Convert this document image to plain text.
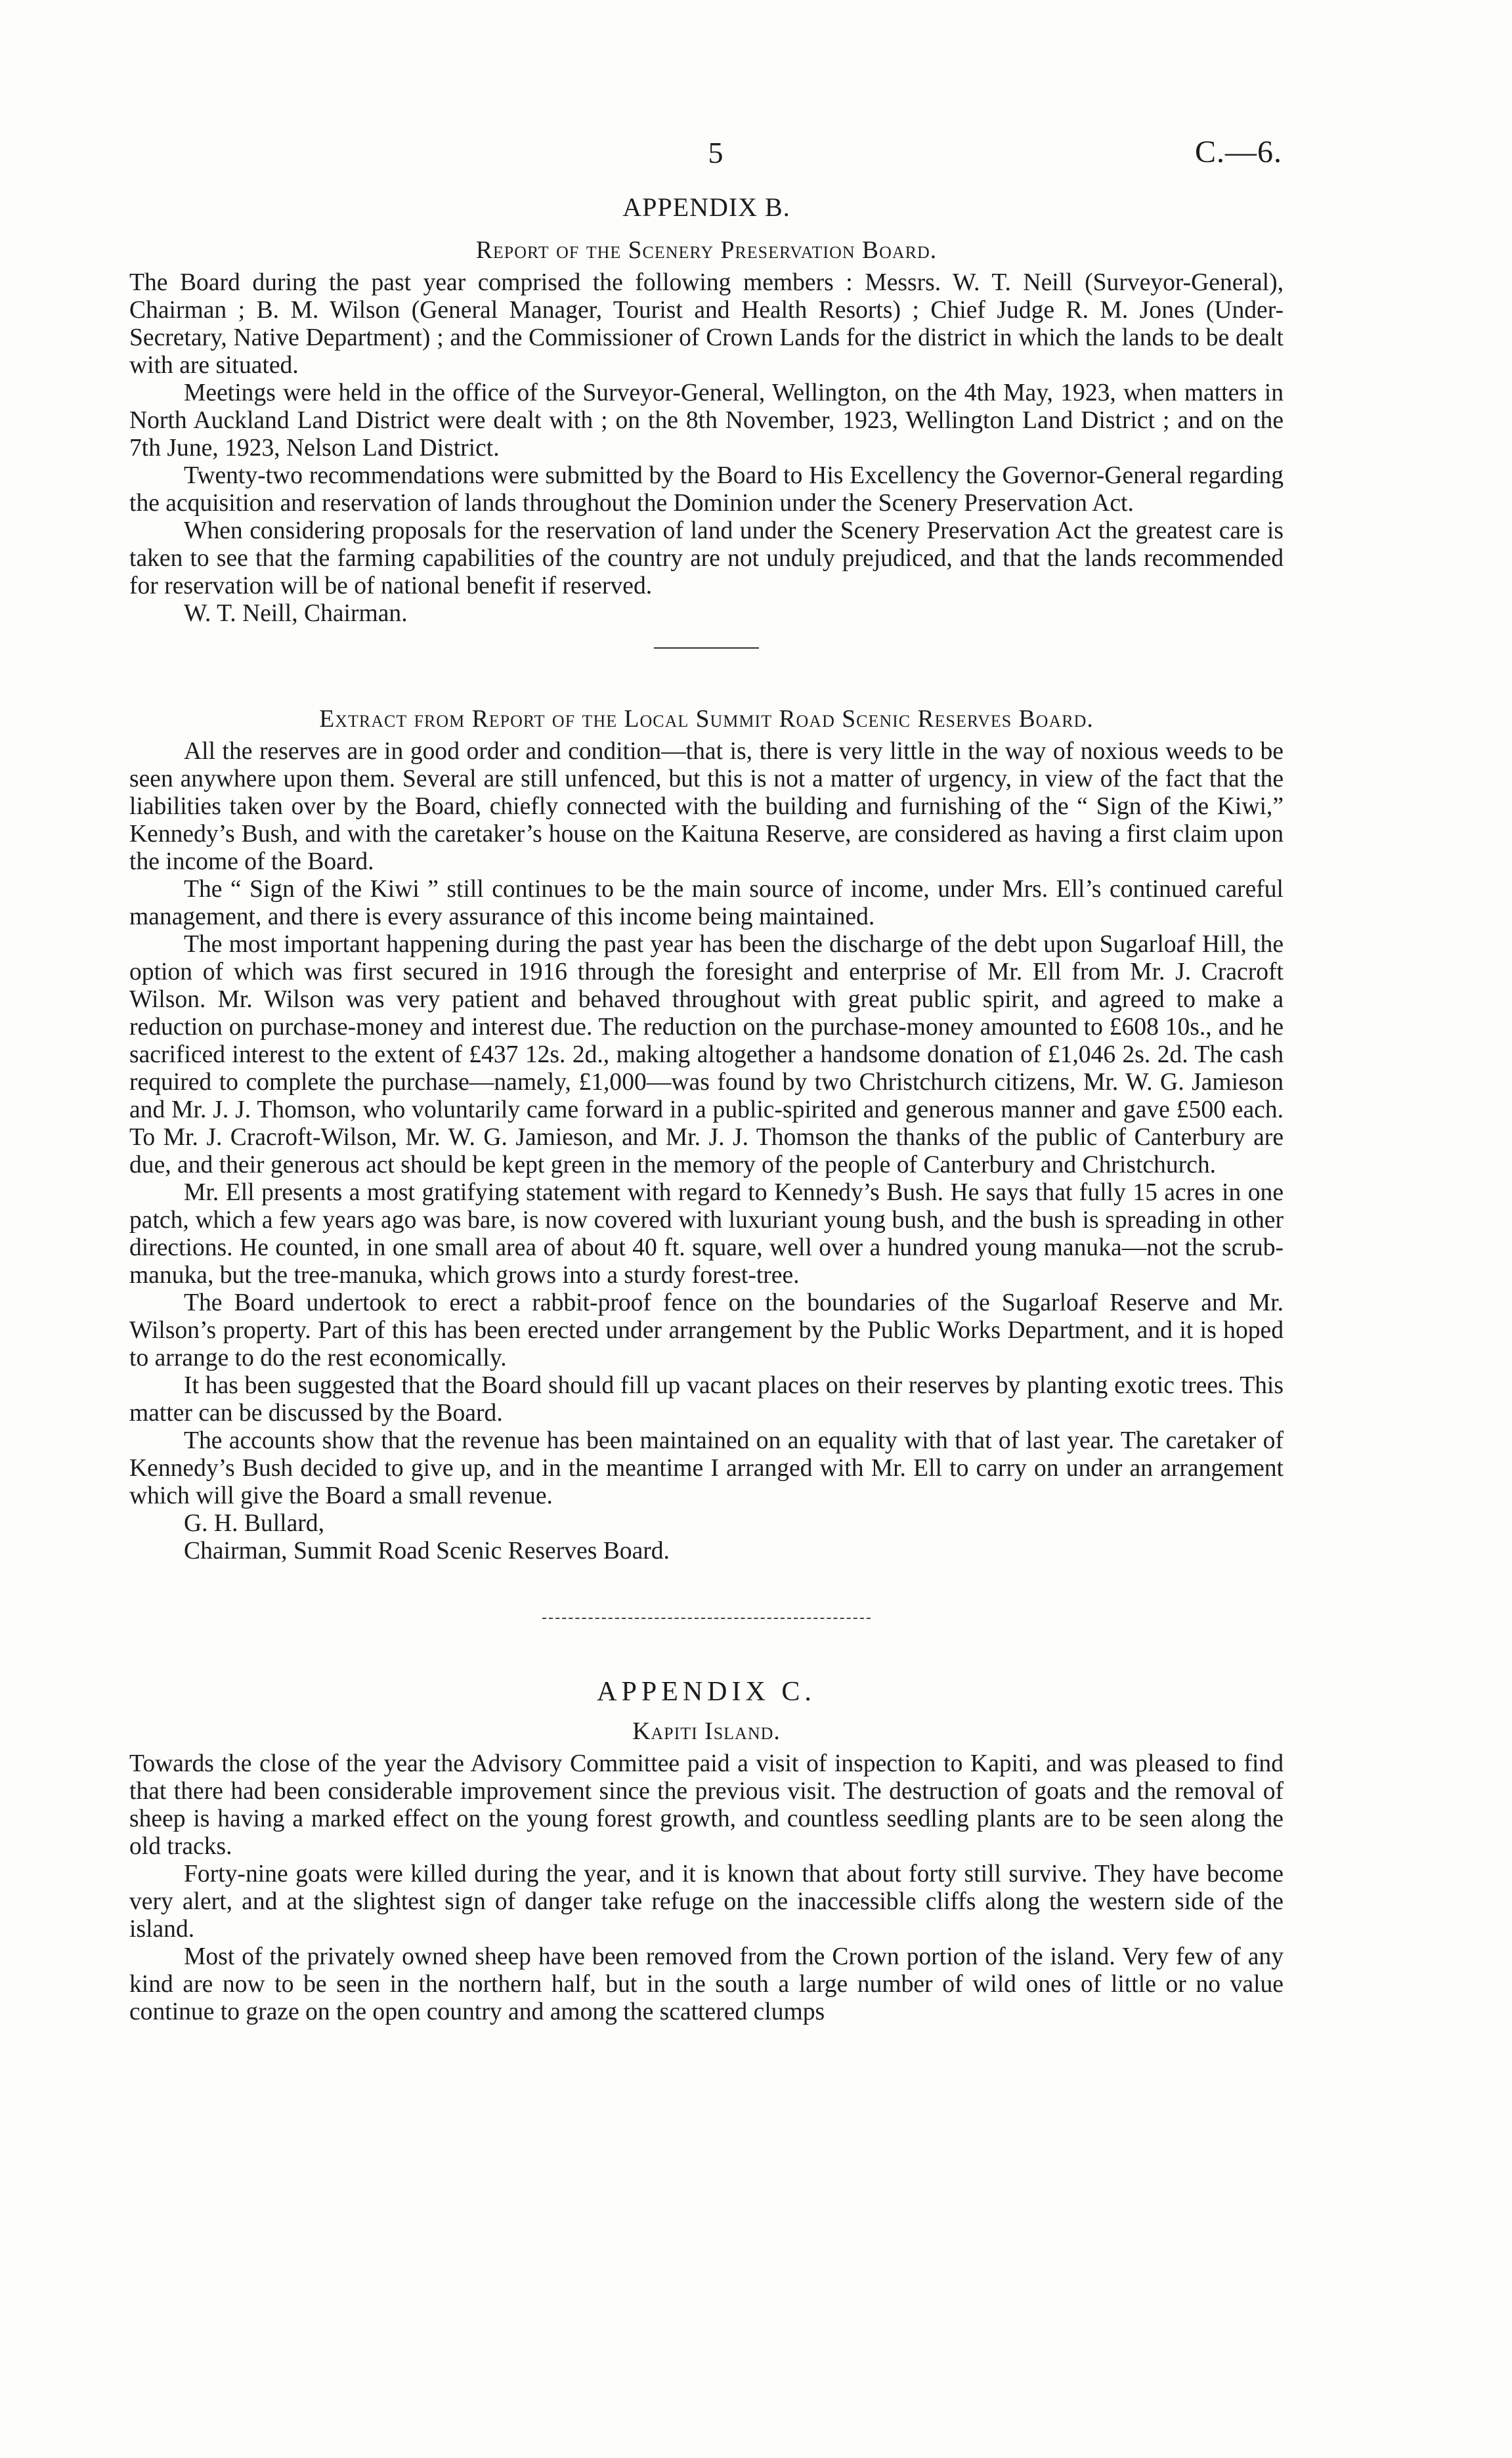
5	C.—6.
APPENDIX B.
Report of the Scenery Preservation Board.

The Board during the past year comprised the following members : Messrs. W. T. Neill (Surveyor-General), Chairman ; B. M. Wilson (General Manager, Tourist and Health Resorts) ; Chief Judge R. M. Jones (Under-Secretary, Native Department) ; and the Commissioner of Crown Lands for the district in which the lands to be dealt with are situated.

Meetings were held in the office of the Surveyor-General, Wellington, on the 4th May, 1923, when matters in North Auckland Land District were dealt with ; on the 8th November, 1923, Wellington Land District ; and on the 7th June, 1923, Nelson Land District.

Twenty-two recommendations were submitted by the Board to His Excellency the Governor-General regarding the acquisition and reservation of lands throughout the Dominion under the Scenery Preservation Act.

When considering proposals for the reservation of land under the Scenery Preservation Act the greatest care is taken to see that the farming capabilities of the country are not unduly prejudiced, and that the lands recommended for reservation will be of national benefit if reserved.

W. T. Neill, Chairman.

Extract from Report of the Local Summit Road Scenic Reserves Board.

All the reserves are in good order and condition—that is, there is very little in the way of noxious weeds to be seen anywhere upon them. Several are still unfenced, but this is not a matter of urgency, in view of the fact that the liabilities taken over by the Board, chiefly connected with the building and furnishing of the “ Sign of the Kiwi,” Kennedy’s Bush, and with the caretaker’s house on the Kaituna Reserve, are considered as having a first claim upon the income of the Board.

The “ Sign of the Kiwi ” still continues to be the main source of income, under Mrs. Ell’s continued careful management, and there is every assurance of this income being maintained.

The most important happening during the past year has been the discharge of the debt upon Sugarloaf Hill, the option of which was first secured in 1916 through the foresight and enterprise of Mr. Ell from Mr. J. Cracroft Wilson. Mr. Wilson was very patient and behaved throughout with great public spirit, and agreed to make a reduction on purchase-money and interest due. The reduction on the purchase-money amounted to £608 10s., and he sacrificed interest to the extent of £437 12s. 2d., making altogether a handsome donation of £1,046 2s. 2d. The cash required to complete the purchase—namely, £1,000—was found by two Christchurch citizens, Mr. W. G. Jamieson and Mr. J. J. Thomson, who voluntarily came forward in a public-spirited and generous manner and gave £500 each. To Mr. J. Cracroft-Wilson, Mr. W. G. Jamieson, and Mr. J. J. Thomson the thanks of the public of Canterbury are due, and their generous act should be kept green in the memory of the people of Canterbury and Christchurch.

Mr. Ell presents a most gratifying statement with regard to Kennedy’s Bush. He says that fully 15 acres in one patch, which a few years ago was bare, is now covered with luxuriant young bush, and the bush is spreading in other directions. He counted, in one small area of about 40 ft. square, well over a hundred young manuka—not the scrub-manuka, but the tree-manuka, which grows into a sturdy forest-tree.

The Board undertook to erect a rabbit-proof fence on the boundaries of the Sugarloaf Reserve and Mr. Wilson’s property. Part of this has been erected under arrangement by the Public Works Department, and it is hoped to arrange to do the rest economically.

It has been suggested that the Board should fill up vacant places on their reserves by planting exotic trees. This matter can be discussed by the Board.

The accounts show that the revenue has been maintained on an equality with that of last year. The caretaker of Kennedy’s Bush decided to give up, and in the meantime I arranged with Mr. Ell to carry on under an arrangement which will give the Board a small revenue.

G. H. Bullard,

Chairman, Summit Road Scenic Reserves Board.

APPENDIX C.
Kapiti Island.

Towards the close of the year the Advisory Committee paid a visit of inspection to Kapiti, and was pleased to find that there had been considerable improvement since the previous visit. The destruction of goats and the removal of sheep is having a marked effect on the young forest growth, and countless seedling plants are to be seen along the old tracks.

Forty-nine goats were killed during the year, and it is known that about forty still survive. They have become very alert, and at the slightest sign of danger take refuge on the inaccessible cliffs along the western side of the island.

Most of the privately owned sheep have been removed from the Crown portion of the island. Very few of any kind are now to be seen in the northern half, but in the south a large number of wild ones of little or no value continue to graze on the open country and among the scattered clumps
